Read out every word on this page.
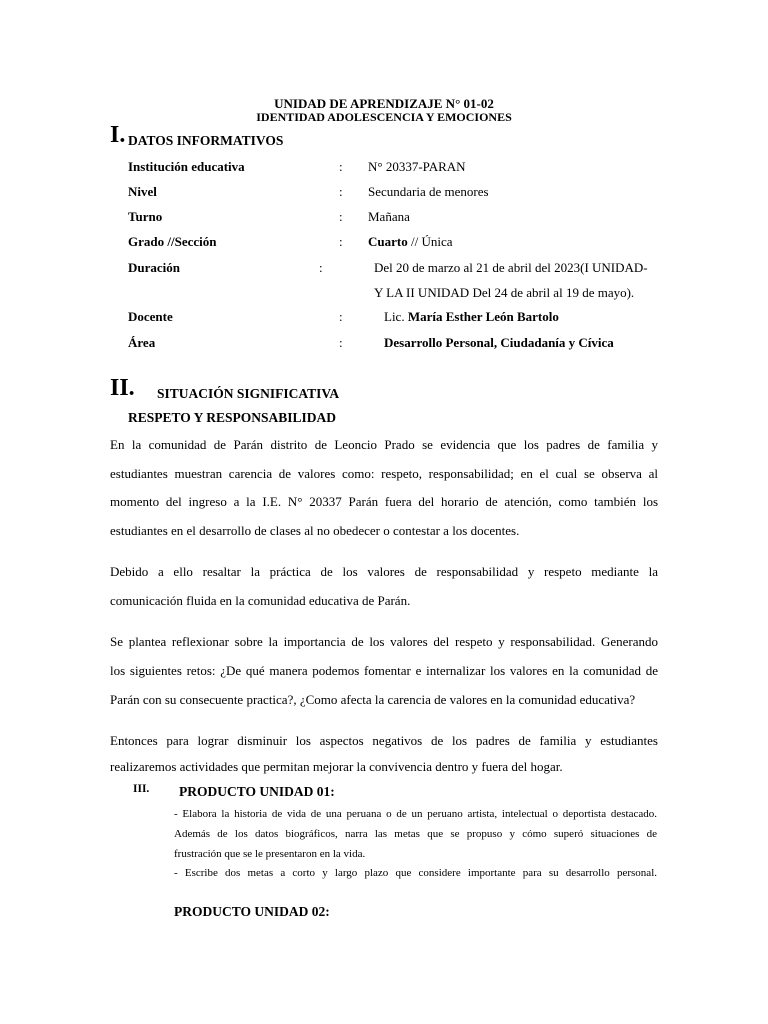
UNIDAD DE APRENDIZAJE N° 01-02
IDENTIDAD ADOLESCENCIA Y EMOCIONES
I. DATOS INFORMATIVOS
Institución educativa	: N° 20337-PARAN
Nivel	: Secundaria de menores
Turno	: Mañana
Grado //Sección	: Cuarto // Única
Duración	:	Del 20 de marzo al 21 de abril del 2023(I UNIDAD-
Y LA II UNIDAD Del 24 de abril al 19 de mayo).
Docente	:	Lic. María Esther León Bartolo
Área	:	Desarrollo Personal, Ciudadanía y Cívica
II. SITUACIÓN SIGNIFICATIVA
RESPETO Y RESPONSABILIDAD
En la comunidad de Parán distrito de Leoncio Prado se evidencia que los padres de familia y
estudiantes muestran carencia de valores como: respeto, responsabilidad; en el cual se observa al
momento del ingreso a la I.E. N° 20337 Parán fuera del horario de atención, como también los
estudiantes en el desarrollo de clases al no obedecer o contestar a los docentes.
Debido a ello resaltar la práctica de los valores de responsabilidad y respeto mediante la
comunicación fluida en la comunidad educativa de Parán.
Se plantea reflexionar sobre la importancia de los valores del respeto y responsabilidad. Generando
los siguientes retos: ¿De qué manera podemos fomentar e internalizar los valores en la comunidad de
Parán con su consecuente practica?, ¿Como afecta la carencia de valores en la comunidad educativa?
Entonces para lograr disminuir los aspectos negativos de los padres de familia y estudiantes
realizaremos actividades que permitan mejorar la convivencia dentro y fuera del hogar.
III. PRODUCTO UNIDAD 01:
- Elabora la historia de vida de una peruana o de un peruano artista, intelectual o deportista destacado.
Además de los datos biográficos, narra las metas que se propuso y cómo superó situaciones de
frustración que se le presentaron en la vida.
- Escribe dos metas a corto y largo plazo que considere importante para su desarrollo personal.
PRODUCTO UNIDAD 02:
